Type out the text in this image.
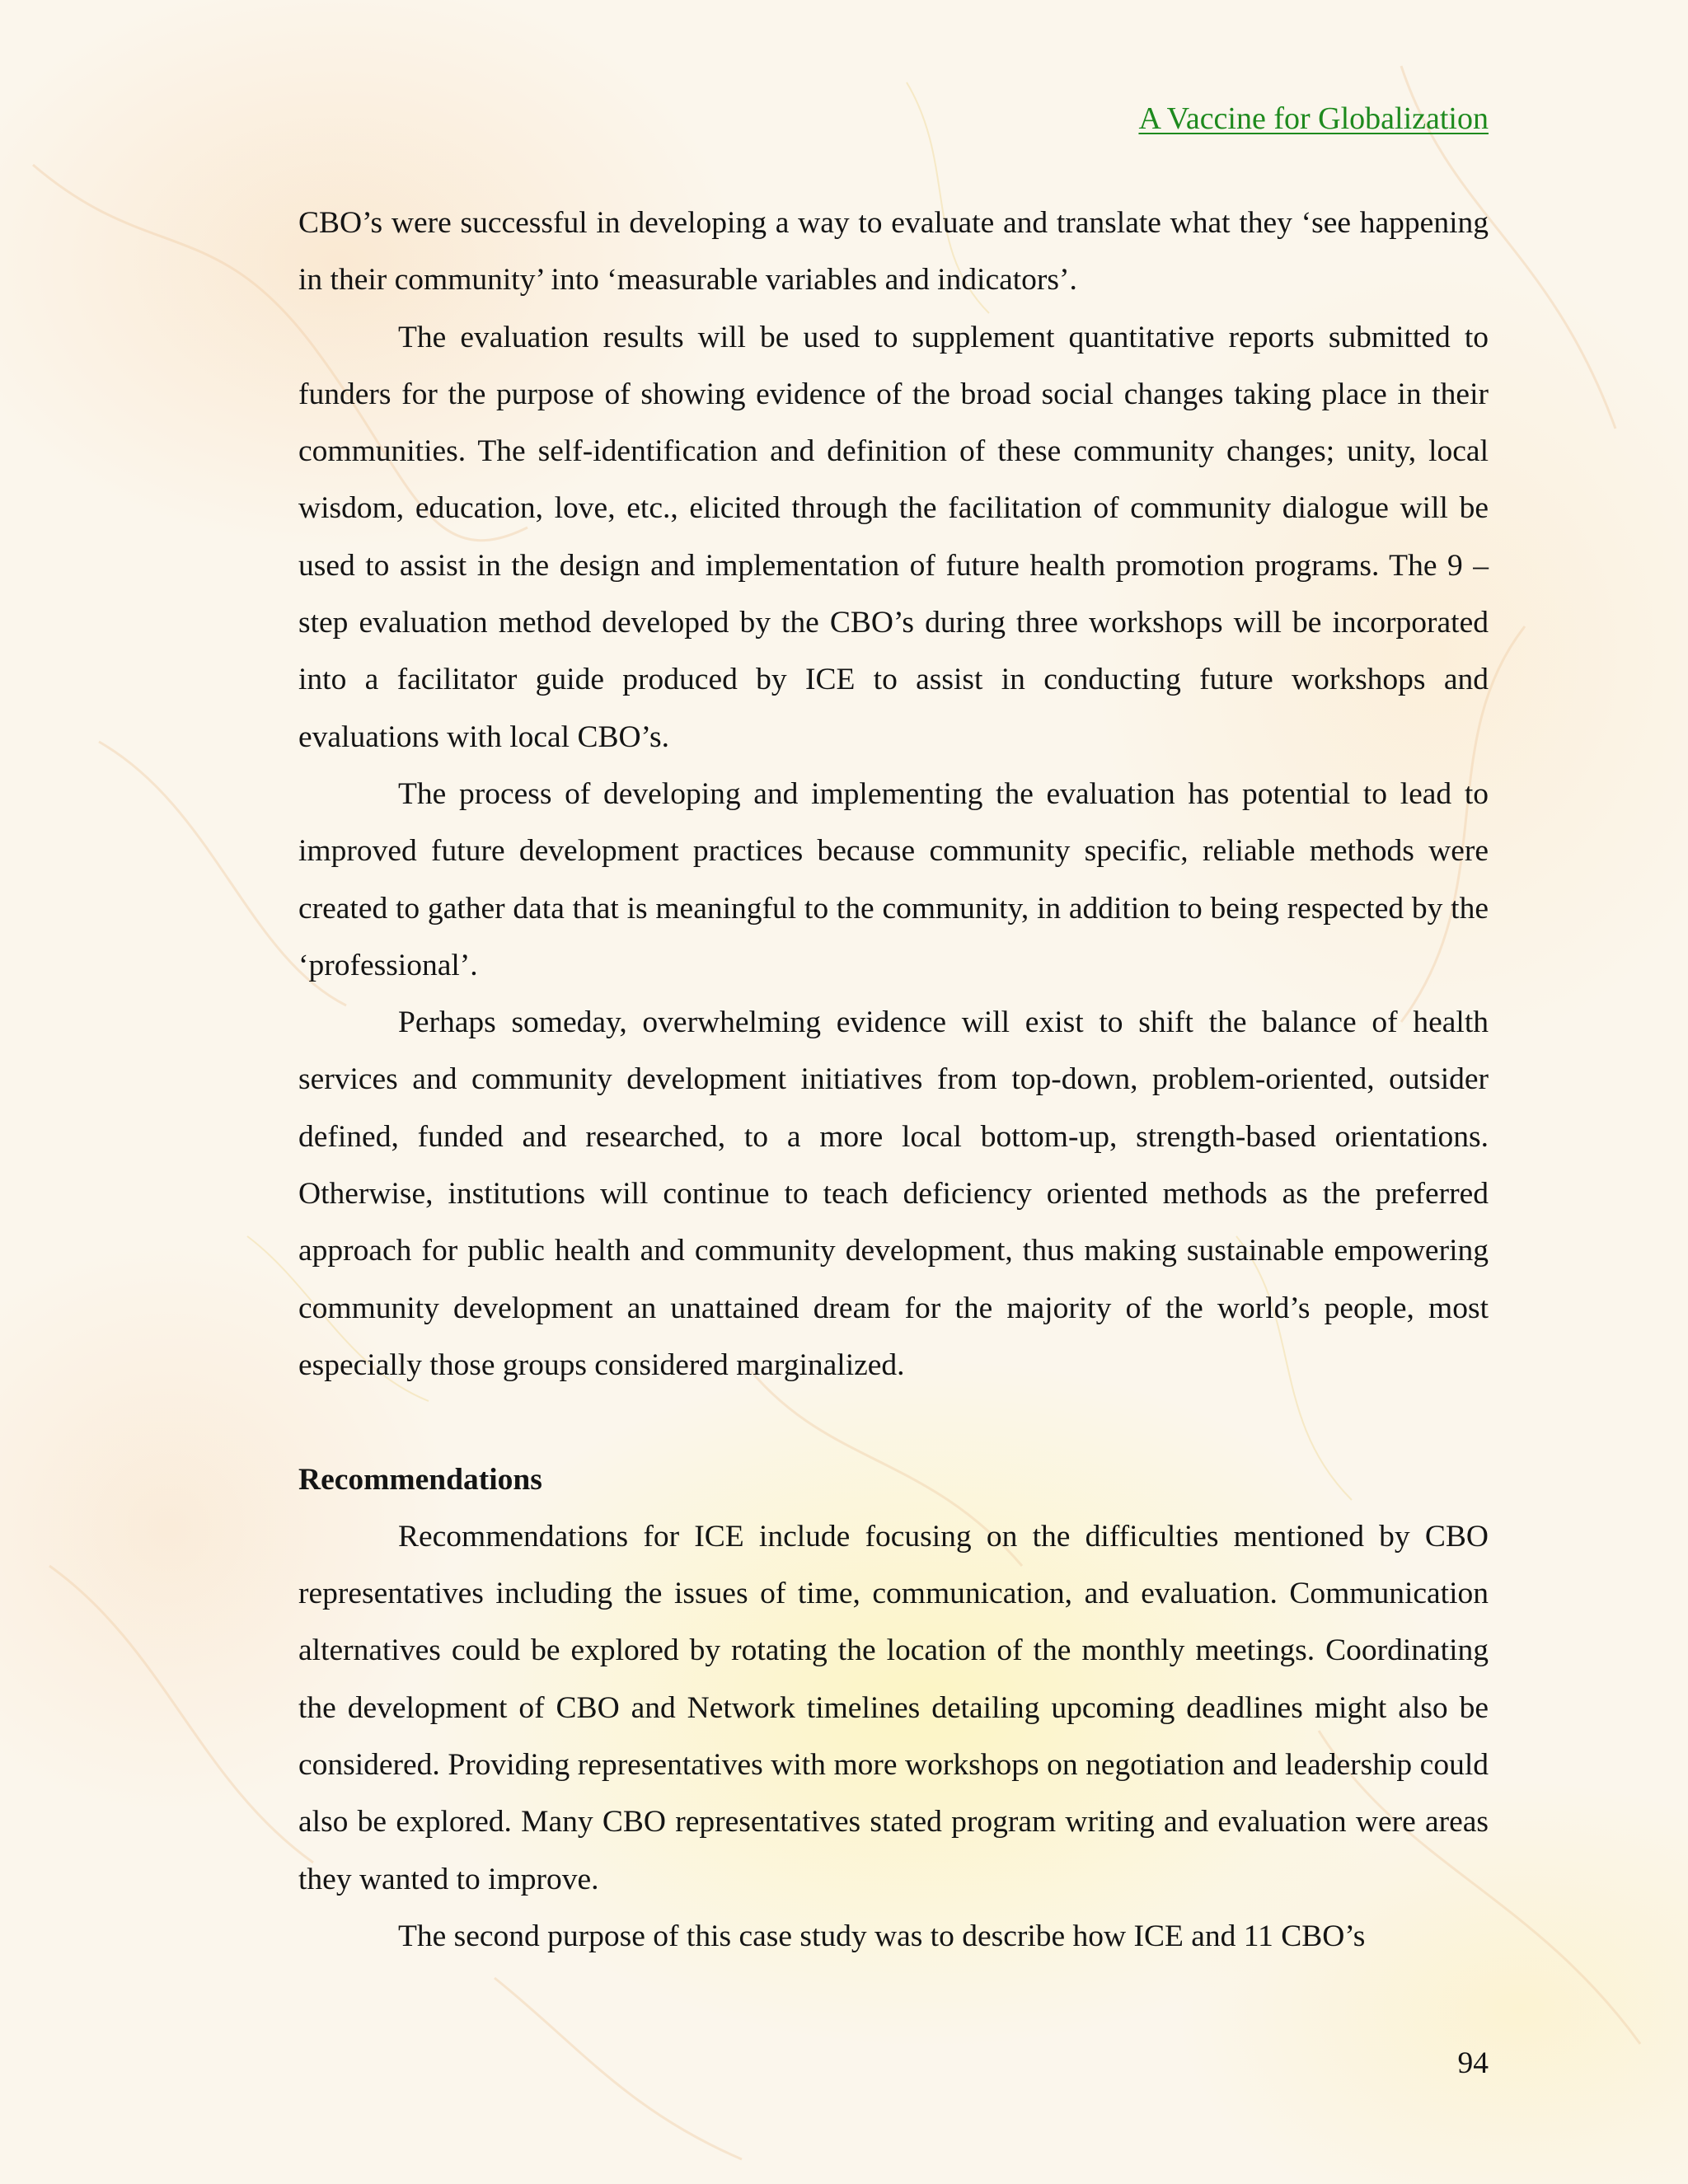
A Vaccine for Globalization

CBO’s were successful in developing a way to evaluate and translate what they ‘see happening in their community’ into ‘measurable variables and indicators’.

The evaluation results will be used to supplement quantitative reports submitted to funders for the purpose of showing evidence of the broad social changes taking place in their communities. The self-identification and definition of these community changes; unity, local wisdom, education, love, etc., elicited through the facilitation of community dialogue will be used to assist in the design and implementation of future health promotion programs. The 9 – step evaluation method developed by the CBO’s during three workshops will be incorporated into a facilitator guide produced by ICE to assist in conducting future workshops and evaluations with local CBO’s.

The process of developing and implementing the evaluation has potential to lead to improved future development practices because community specific, reliable methods were created to gather data that is meaningful to the community, in addition to being respected by the ‘professional’.

Perhaps someday, overwhelming evidence will exist to shift the balance of health services and community development initiatives from top-down, problem-oriented, outsider defined, funded and researched, to a more local bottom-up, strength-based orientations. Otherwise, institutions will continue to teach deficiency oriented methods as the preferred approach for public health and community development, thus making sustainable empowering community development an unattained dream for the majority of the world’s people, most especially those groups considered marginalized.

Recommendations

Recommendations for ICE include focusing on the difficulties mentioned by CBO representatives including the issues of time, communication, and evaluation. Communication alternatives could be explored by rotating the location of the monthly meetings. Coordinating the development of CBO and Network timelines detailing upcoming deadlines might also be considered. Providing representatives with more workshops on negotiation and leadership could also be explored. Many CBO representatives stated program writing and evaluation were areas they wanted to improve.

The second purpose of this case study was to describe how ICE and 11 CBO’s

94
